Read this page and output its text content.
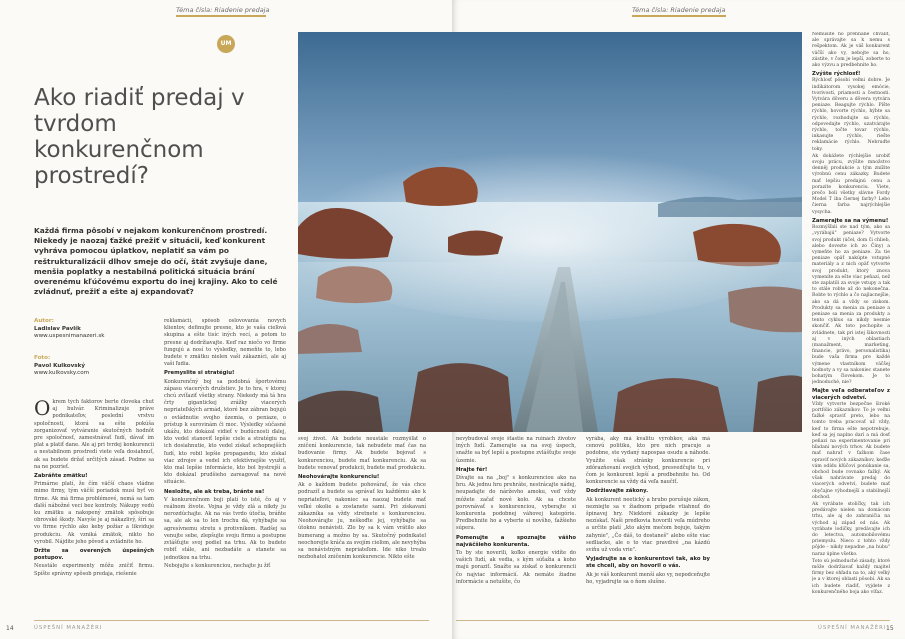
Téma čísla: Riadenie predaja
UM
Ako riadiť predaj v tvrdom konkurenčnom prostredí?
Každá firma pôsobí v nejakom konkurenčnom prostredí. Niekedy je naozaj ťažké prežiť v situácii, keď konkurent vyhráva pomocou úplatkov, neplatiť sa vám po reštrukturalizácii dlhov smeje do očí, štát zvyšuje dane, menšia poplatky a nestabilná politická situácia brání overenému kľúčovému exportu do inej krajiny. Ako to celé zvládnuť, prežiť a ešte aj expandovať?
Autor:
Ladislav Pavlík
www.uspesnimanazeri.sk
Foto:
Pavol Kulkovský
www.kulkovsky.com

Okrem tých faktorov berte človeka chuť aj bulvár. Kriminalizuje práve podnikateľov, poslední vrstvu spoločnosti, ktorá sa ešte pokúša zorganizovať vytváranie skutočných hodnôt pre spoločnosť, zamestnávať ľudí, dávať im plat a platiť dane. Ale aj pri tvrdej konkurencii a nestabilnom prostredí viete veľa dosiahnuť, ak sa budete držať určitých zásad. Podme sa na ne pozrieť.

Zabráňte zmätku!

Primárne platí, že čím väčší chaos vládne mimo firmy, tým väčší poriadok musí byť vo firme. Ak má firma problémové, nemá sa tam ďalší nábožné veci bez kontroly. Nákupy vedú ku zmätku a nakopený zmätok spôsobuje obrovské škody. Navyše je aj nákazlivý, šírí sa vo firme rýchlo ako keby požiar a likviduje produkciu. Ak vzniká zmätok, nikto ho vyrobil. Nájdite jeho pôvod a zvládnite ho.

Držte sa overených úspešných postupov.

Neustále experimenty môžu zničiť firmu. Spíšte správny spôsob predaja, riešenie

reklamácií, spôsob oslovovania nových klientov, definujte presne, kto je vaša cieľová skupina a ešte tisíc iných vecí, a potom to presne aj dodržiavajte. Keď raz niečo vo firme fungujú a nosí to výsledky, nemeňte to, lebo budete v zmätku nielen vaši zákazníci, ale aj vaši ľudia.

Premyslite si stratégiu!

Konkurenčný boj sa podobná športovému zápasu viacerých družstiev. Je to hra, v ktorej chcú zvíťaziť všetky strany. Niekedy má tá hra črty gigantickej zrážky viacerých nepriateľských armád, ktoré bez zábran bojujú o ovládnutie svojho územia, o peniaze, o prístup k surovinám či moc. Výsledky súčasné ukážu, kto dokázal vidieť v budúcnosti ďalej, kto vedel stanoviť lepšie ciele a stratégiu na ich dosiahnutie, kto vedel získať schopnejších ľudí, kto robil lepšie propagandu, kto získal viac zdrojov a vedel ich efektívnejšie využiť, kto mal lepšie informácie, kto bol bystrejší a kto dokázal prudšieho zareagovať na nové situácie.

Nesložte, ale ak treba, bránte sa!

V konkurenčnom boji platí to isté, čo aj v reálnom živote. Vojna je vždy zlá a nikdy ju nerozdúchajte. Ak na vás tvrdo útočia, bráňte sa, ale ak sa to len trochu dá, vyhýbajte sa agresívnemu stretu s protivníkom. Radšej sa venujte sebe, zlepšujte svoju firmu a postupne zvlášťujte svoj podiel na trhu. Ak to budete robiť stále, ani nezbadáte a stanete sa jednotkou na trhu.

Nebojujte s konkurenciou, nechajte ju žiť

svoj život. Ak budete neustále rozmýšľať o zničení konkurencie, tak nebudete mať čas na budovanie firmy. Ak budete bojovať s konkurenciou, budete mať konkurenciu. Ak sa budete venovať produkcii, budete mať produkciu.

Neohovárajte konkurenciu!

Ak o každom budete pohovárať, že vás chce podrazíť a budete sa správať ku každému ako k nepriateľovi, nakoniec sa naozaj budete mať veľké okolie a zostanete sami. Pri získavaní zákazníka sa vždy stretnete s konkurenciou. Neohovárajte ju, neškoďte jej, vyhýbajte sa útoknu nenávisti. Zlo by sa k vám vrátilo ako bumerang a možno by sa. Skutočný podnikateľ neochorejte kráča za svojím cieľom, ale nevyhýba sa nenávistným nepriateľom. Ide niko trvalo nezbohatol zničením konkurencie. Nikto ešte

14	ÚSPEŠNÍ MANAŽÉRI
Téma čísla: Riadenie predaja

nevybudoval svoje šťastie na ruinách životov iných ľudí. Zamerajte sa na svoj úspech, snažte sa byť lepší a postupne zvlášťujte svoje územie.

Hrajte fér!

Dívajte sa na „boj" s konkurenciou ako na hru. Ak jednu hru prehráte, nestrácajte nádej, neupadajte do nárževho amoku, veď vždy môžete začať nové kolo. Ak sa chcete porovnávať s konkurenciou, vyberajte si konkurenta podobnej váhovej kategórie. Predbehnite ho a vyberte si novšho, ťažšieho súpera.

Pomenujte a spoznajte vášho najväčšieho konkurenta.

To by ste noverili, koľko energie vidíte do vašich ľudí, ak vedia, s kým súťažia a koho majú poraziť. Snažte sa získať o konkurencii čo najviac informácií. Ak nemáte žiadne informácie a netušíte, čo

vyrába, aký má kvalitu výrobkov, aká má cenovú politiku, kto pre nich pracuje a podobne, ste vydaný napospas osudu a náhode. Využite však stránky konkurencie pri zdôrazňovaní svojich výhod, presvedčujte tu, v čom je konkurent lepší a predbehnite ho. Od konkurencie sa vždy dá veľa naučiť.

Dodržiavajte zákony.

Ak konkurent neetický a hrubo porušuje zákon, nezniejte sa v žiadnom prípade vtiahnuť do špinavej hry. Niektoré zákazky je lepšie nezískať. Naši predkovia hovorili veľa múdreho a určite platí „kto akým mečom bojuje, takým zahynie", „Čo dáš, to dostaneš" alebo ešte viac sedliacke, ale o to viac pravdivé „na kázdú sviňu už voda vrie".

Vyjadrujte sa o konkurentovi tak, ako by ste chceli, aby on hovoril o vás.

Ak je váš konkurent menší ako vy, nepodceňujte ho, vyjadrujte sa o ňom slušne.

Nemusíte ho prehnane chváliť, ale správajte sa k nemu s rešpektom. Ak je váš konkurent väčší ako vy, nebojte sa ho, ziistite, v čom je lepší, zoberte to ako výzvu a predbehnite ho.

Zvýšte rýchlosť!

Rýchlosť pôsobí veľmi dobre. Je indikátorom vysokej emócie, tvorivosti, priamosti a čestnosti. Vytvára dôveru a dôvera vytvára peniaze. Reagujte rýchlo. Píšte rýchlo, hovorte rýchlo, hýbte sa rýchlo, rozhodujte sa rýchlo, odpovedajte rýchlo, uzatvárajte rýchlo, točte tovar rýchlo, inkasujte rýchlo, riešte reklamácie rýchlo. Nebruďte toky.

Ak dokážete rýchlejšie urobiť svoju prácu, zvýšite množstvo denněj produkcie a tým znížite výrobnú cenu zákazky. Budete mať lepšiu predajnú cenu a porazíte konkurenciu. Viete, prečo boli všetky slávne Fordy Model T iba čiernej farby? Lebo čierna farba najrýchlejšie vysycha.

Zamerajte sa na výmenu!

Rozmýšľali ste nad tým, ako sa „vyrábajú" peniaze? Vytvorte svoj produkt (účel, dom či chlieb, alebo dovezte ich zo Číny) a vymeňte ho za peniaze. Za tie peniaze opäť nakúpte vstupné materiály a z nich opäť vytvorte svoj produkt, ktorý znova vymeníte za ešte viac peňazí, než ste zaplatili za svoje vstupy a tak to stále robte až do nekonečna. Robte to rýchlo a čo najlacnejšie, ako sa dá a vždy so ziskom. Produkty sa menia za peniaze a peniaze sa menia za produkty a tento cyklus sa nikdy nesmie skončiť. Ak toto pochopíte a zvládnete, tak pri istej šikovnosti aj v iných oblastiach (manažment, marketing, financie, právo, personalistika) bude vaša firma pre každé výmene vlastníkom väčšej hodnoty a vy sa nakoniec stanete bohatým človekom. Je to jednoduché, nie?

Majte veľa odberateľov z viacerých odvetví.

Vždy vytvorte bezpečne široké portfólio zákazníkov. To je veľmi ťažké spraviť preto, lebo na tomto treba pracovať už vždy, keď to firma ešte nepotrebuje, keď sa jej naplno darí a má dosť peňazí na experimentovanie pri hľadaní nových trhov. Ak budete mať nahrať v ťažkom čase opraviť nových zákazníkov, keďže vám odídu kľúčoví ponúkanie sa, obchod bude rovnako ťažký. Ak však nahrávate predaj do viacerých odvetví, budete mať obyčajne výhodnejší a stabilnejší obchod.

Ak vyrábate stoličky, tak ich predávajte nielen na domácom trhu, ale aj do zahraničia na východ aj západ od nás. Ak vyrábate lodičky, predávajte ich do letectva, automobilovému priemyslu. Nieco z tohto vždy pôjde – nikdy nepadne „na hubu" naraz úplne všetko.

Toto sú jednoduché zásady, ktoré môže dodržiavať každý majiteľ firmy bez ohľadu na to, aký veľký je a v ktorej oblasti pôsobí. Ak sa ich budete riadiť, vyjdete z konkurenčného boja ako víťaz.

ÚSPEŠNÍ MANAŽÉRI 15
